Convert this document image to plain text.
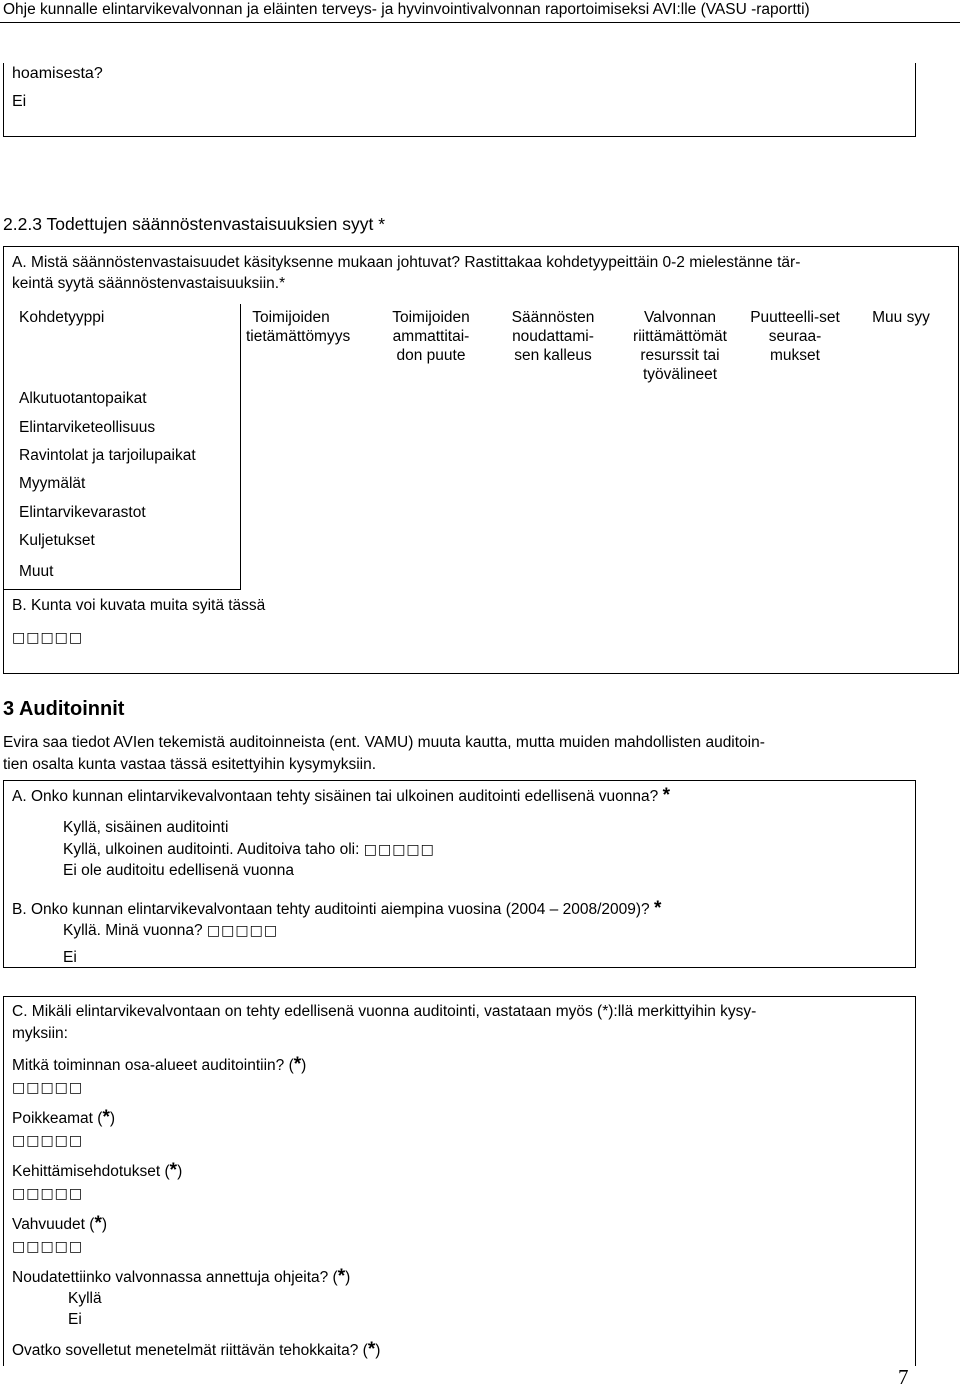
Ohje kunnalle elintarvikevalvonnan ja eläinten terveys- ja hyvinvointivalvonnan raportoimiseksi AVI:lle (VASU -raportti)
hoamisesta?
Ei
2.2.3 Todettujen säännöstenvastaisuuksien syyt *
A. Mistä säännöstenvastaisuudet käsityksenne mukaan johtuvat? Rastittakaa kohdetyypeittäin 0-2 mielestänne tär-
keintä syytä säännöstenvastaisuuksiin.*
Kohdetyyppi	Toimijoiden tietämättömyys
Toimijoiden ammattitai-don puute
Säännösten noudattami-sen kalleus
Valvonnan riittämättömät resurssit tai työvälineet
Puutteelli-set seuraa-mukset
Muu syy
Alkutuotantopaikat
Elintarviketeollisuus
Ravintolat ja tarjoilupaikat
Myymälät
Elintarvikevarastot
Kuljetukset
Muut
B. Kunta voi kuvata muita syitä tässä
□□□□□
3 Auditoinnit
Evira saa tiedot AVIen tekemistä auditoinneista (ent. VAMU) muuta kautta, mutta muiden mahdollisten auditoin-
tien osalta kunta vastaa tässä esitettyihin kysymyksiin.
A. Onko kunnan elintarvikevalvontaan tehty sisäinen tai ulkoinen auditointi edellisenä vuonna? *
Kyllä, sisäinen auditointi
Kyllä, ulkoinen auditointi. Auditoiva taho oli: □□□□□
Ei ole auditoitu edellisenä vuonna
B. Onko kunnan elintarvikevalvontaan tehty auditointi aiempina vuosina (2004 – 2008/2009)? *
Kyllä. Minä vuonna? □□□□□
Ei
C. Mikäli elintarvikevalvontaan on tehty edellisenä vuonna auditointi, vastataan myös (*):llä merkittyihin kysy-
myksiin:
Mitkä toiminnan osa-alueet auditointiin? (*)
□□□□□
Poikkeamat (*)
□□□□□
Kehittämisehdotukset (*)
□□□□□
Vahvuudet (*)
□□□□□
Noudatettiinko valvonnassa annettuja ohjeita? (*)
Kyllä
Ei
Ovatko sovelletut menetelmät riittävän tehokkaita? (*)
7
